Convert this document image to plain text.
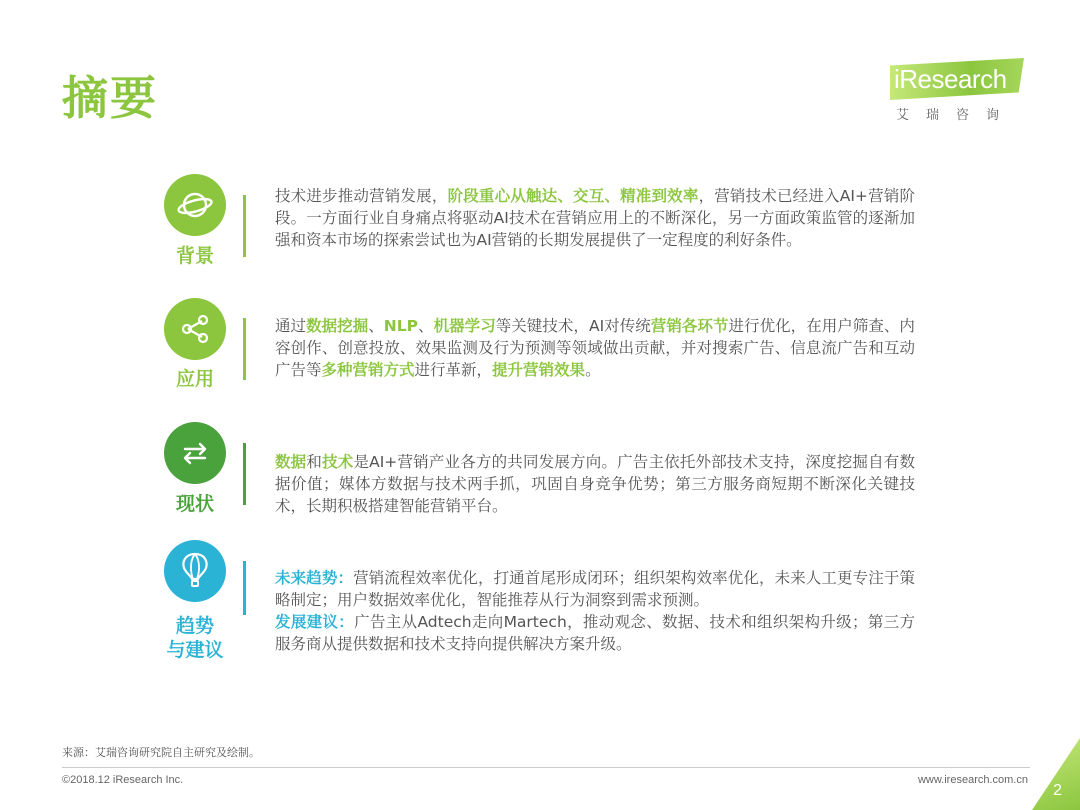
摘要	iResearch
艾瑞咨询
背景
技术进步推动营销发展，阶段重心从触达、交互、精准到效率，营销技术已经进入AI+营销阶段。一方面行业自身痛点将驱动AI技术在营销应用上的不断深化，另一方面政策监管的逐渐加强和资本市场的探索尝试也为AI营销的长期发展提供了一定程度的利好条件。
应用
通过数据挖掘、NLP、机器学习等关键技术，AI对传统营销各环节进行优化，在用户筛查、内容创作、创意投放、效果监测及行为预测等领域做出贡献，并对搜索广告、信息流广告和互动广告等多种营销方式进行革新，提升营销效果。
现状
数据和技术是AI+营销产业各方的共同发展方向。广告主依托外部技术支持，深度挖掘自有数据价值；媒体方数据与技术两手抓，巩固自身竞争优势；第三方服务商短期不断深化关键技术，长期积极搭建智能营销平台。
趋势
与建议
未来趋势：营销流程效率优化，打通首尾形成闭环；组织架构效率优化，未来人工更专注于策略制定；用户数据效率优化，智能推荐从行为洞察到需求预测。
发展建议：广告主从Adtech走向Martech，推动观念、数据、技术和组织架构升级；第三方服务商从提供数据和技术支持向提供解决方案升级。
来源：艾瑞咨询研究院自主研究及绘制。
©2018.12 iResearch Inc.	www.iresearch.com.cn
2
